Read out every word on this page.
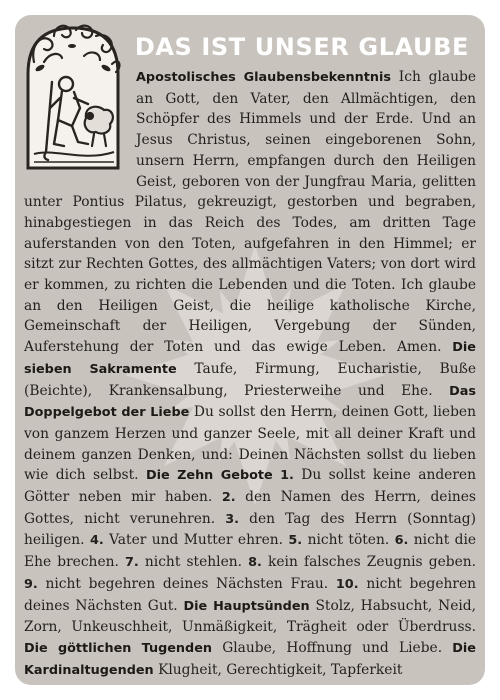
DAS IST UNSER GLAUBE
Apostolisches Glaubensbekenntnis Ich glaube an Gott, den Vater, den Allmächtigen, den Schöpfer des Himmels und der Erde. Und an Jesus Christus, seinen eingeborenen Sohn, unsern Herrn, empfangen durch den Heiligen Geist, geboren von der Jungfrau Maria, gelitten unter Pontius Pilatus, gekreuzigt, gestorben und begraben, hinabgestiegen in das Reich des Todes, am dritten Tage auferstanden von den Toten, aufgefahren in den Himmel; er sitzt zur Rechten Gottes, des allmächtigen Vaters; von dort wird er kommen, zu richten die Lebenden und die Toten. Ich glaube an den Heiligen Geist, die heilige katholische Kirche, Gemeinschaft der Heiligen, Vergebung der Sünden, Auferstehung der Toten und das ewige Leben. Amen. Die sieben Sakramente Taufe, Firmung, Eucharistie, Buße (Beichte), Krankensalbung, Priesterweihe und Ehe. Das Doppelgebot der Liebe Du sollst den Herrn, deinen Gott, lieben von ganzem Herzen und ganzer Seele, mit all deiner Kraft und deinem ganzen Denken, und: Deinen Nächsten sollst du lieben wie dich selbst. Die Zehn Gebote 1. Du sollst keine anderen Götter neben mir haben. 2. den Namen des Herrn, deines Gottes, nicht verunehren. 3. den Tag des Herrn (Sonntag) heiligen. 4. Vater und Mutter ehren. 5. nicht töten. 6. nicht die Ehe brechen. 7. nicht stehlen. 8. kein falsches Zeugnis geben. 9. nicht begehren deines Nächsten Frau. 10. nicht begehren deines Nächsten Gut. Die Hauptsünden Stolz, Habsucht, Neid, Zorn, Unkeuschheit, Unmäßigkeit, Trägheit oder Überdruss. Die göttlichen Tugenden Glaube, Hoffnung und Liebe. Die Kardinaltugenden Klugheit, Gerechtigkeit, Tapferkeit
